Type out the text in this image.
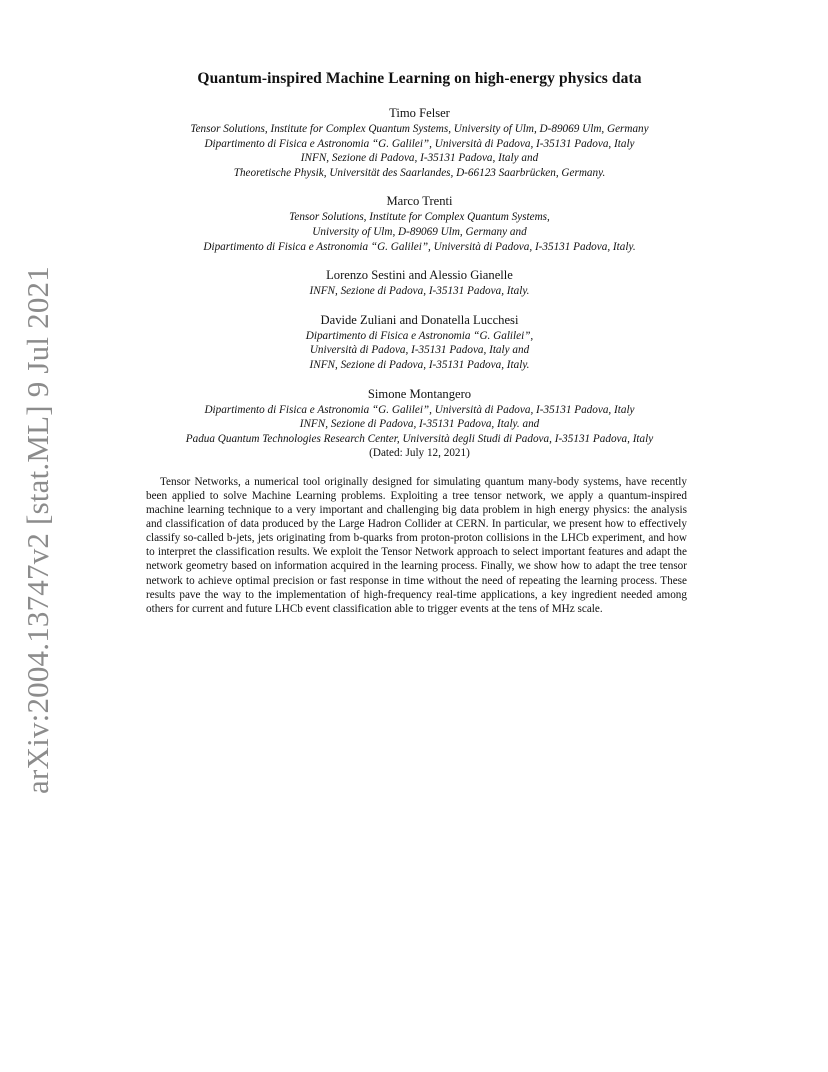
arXiv:2004.13747v2 [stat.ML] 9 Jul 2021
Quantum-inspired Machine Learning on high-energy physics data
Timo Felser
Tensor Solutions, Institute for Complex Quantum Systems, University of Ulm, D-89069 Ulm, Germany
Dipartimento di Fisica e Astronomia “G. Galilei”, Università di Padova, I-35131 Padova, Italy
INFN, Sezione di Padova, I-35131 Padova, Italy and
Theoretische Physik, Universität des Saarlandes, D-66123 Saarbrücken, Germany.
Marco Trenti
Tensor Solutions, Institute for Complex Quantum Systems,
University of Ulm, D-89069 Ulm, Germany and
Dipartimento di Fisica e Astronomia “G. Galilei”, Università di Padova, I-35131 Padova, Italy.
Lorenzo Sestini and Alessio Gianelle
INFN, Sezione di Padova, I-35131 Padova, Italy.
Davide Zuliani and Donatella Lucchesi
Dipartimento di Fisica e Astronomia “G. Galilei”,
Università di Padova, I-35131 Padova, Italy and
INFN, Sezione di Padova, I-35131 Padova, Italy.
Simone Montangero
Dipartimento di Fisica e Astronomia “G. Galilei”, Università di Padova, I-35131 Padova, Italy
INFN, Sezione di Padova, I-35131 Padova, Italy. and
Padua Quantum Technologies Research Center, Università degli Studi di Padova, I-35131 Padova, Italy
(Dated: July 12, 2021)

Tensor Networks, a numerical tool originally designed for simulating quantum many-body systems, have recently been applied to solve Machine Learning problems. Exploiting a tree tensor network, we apply a quantum-inspired machine learning technique to a very important and challenging big data problem in high energy physics: the analysis and classification of data produced by the Large Hadron Collider at CERN. In particular, we present how to effectively classify so-called b-jets, jets originating from b-quarks from proton-proton collisions in the LHCb experiment, and how to interpret the classification results. We exploit the Tensor Network approach to select important features and adapt the network geometry based on information acquired in the learning process. Finally, we show how to adapt the tree tensor network to achieve optimal precision or fast response in time without the need of repeating the learning process. These results pave the way to the implementation of high-frequency real-time applications, a key ingredient needed among others for current and future LHCb event classification able to trigger events at the tens of MHz scale.
